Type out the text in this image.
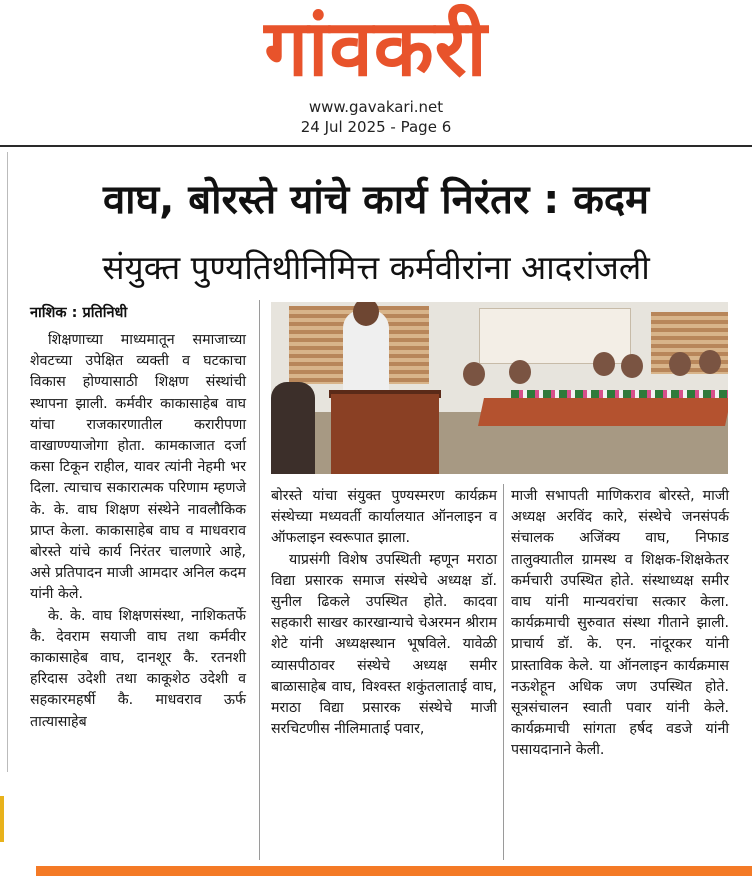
गांवकरी
www.gavakari.net
24 Jul 2025 - Page 6
वाघ, बोरस्ते यांचे कार्य निरंतर : कदम
संयुक्त पुण्यतिथीनिमित्त कर्मवीरांना आदरांजली
नाशिक : प्रतिनिधी

शिक्षणाच्या माध्यमातून समाजाच्या शेवटच्या उपेक्षित व्यक्ती व घटकाचा विकास होण्यासाठी शिक्षण संस्थांची स्थापना झाली. कर्मवीर काकासाहेब वाघ यांचा राजकारणातील करारीपणा वाखाण्ण्याजोगा होता. कामकाजात दर्जा कसा टिकून राहील, यावर त्यांनी नेहमी भर दिला. त्याचाच सकारात्मक परिणाम म्हणजे के. के. वाघ शिक्षण संस्थेने नावलौकिक प्राप्त केला. काकासाहेब वाघ व माधवराव बोरस्ते यांचे कार्य निरंतर चालणारे आहे, असे प्रतिपादन माजी आमदार अनिल कदम यांनी केले.

के. के. वाघ शिक्षणसंस्था, नाशिकतर्फे कै. देवराम सयाजी वाघ तथा कर्मवीर काकासाहेब वाघ, दानशूर कै. रतनशी हरिदास उदेशी तथा काकूशेठ उदेशी व सहकारमहर्षी कै. माधवराव ऊर्फ तात्यासाहेब

बोरस्ते यांचा संयुक्त पुण्यस्मरण कार्यक्रम संस्थेच्या मध्यवर्ती कार्यालयात ऑनलाइन व ऑफलाइन स्वरूपात झाला.

याप्रसंगी विशेष उपस्थिती म्हणून मराठा विद्या प्रसारक समाज संस्थेचे अध्यक्ष डॉ. सुनील ढिकले उपस्थित होते. कादवा सहकारी साखर कारखान्याचे चेअरमन श्रीराम शेटे यांनी अध्यक्षस्थान भूषविले. यावेळी व्यासपीठावर संस्थेचे अध्यक्ष समीर बाळासाहेब वाघ, विश्वस्त शकुंतलाताई वाघ, मराठा विद्या प्रसारक संस्थेचे माजी सरचिटणीस नीलिमाताई पवार,

माजी सभापती माणिकराव बोरस्ते, माजी अध्यक्ष अरविंद कारे, संस्थेचे जनसंपर्क संचालक अजिंक्य वाघ, निफाड तालुक्यातील ग्रामस्थ व शिक्षक-शिक्षकेतर कर्मचारी उपस्थित होते. संस्थाध्यक्ष समीर वाघ यांनी मान्यवरांचा सत्कार केला. कार्यक्रमाची सुरुवात संस्था गीताने झाली. प्राचार्य डॉ. के. एन. नांदूरकर यांनी प्रास्ताविक केले. या ऑनलाइन कार्यक्रमास नऊशेहून अधिक जण उपस्थित होते. सूत्रसंचालन स्वाती पवार यांनी केले. कार्यक्रमाची सांगता हर्षद वडजे यांनी पसायदानाने केली.
